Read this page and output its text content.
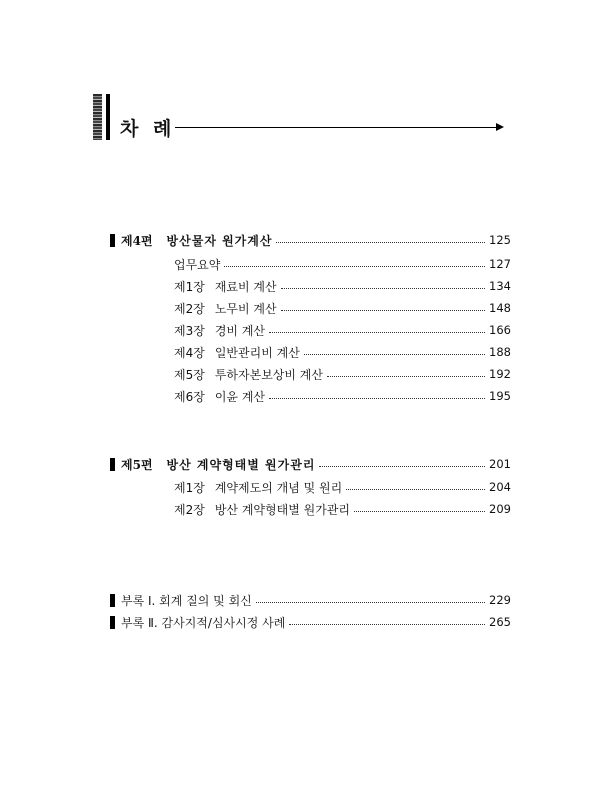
차 례
제4편 방산물자 원가계산	125
업무요약	127
제1장 재료비 계산	134
제2장 노무비 계산	148
제3장 경비 계산	166
제4장 일반관리비 계산	188
제5장 투하자본보상비 계산	192
제6장 이윤 계산	195
제5편 방산 계약형태별 원가관리	201
제1장 계약제도의 개념 및 원리	204
제2장 방산 계약형태별 원가관리	209
부록 Ⅰ. 회계 질의 및 회신	229
부록 Ⅱ. 감사지적/심사시정 사례	265
